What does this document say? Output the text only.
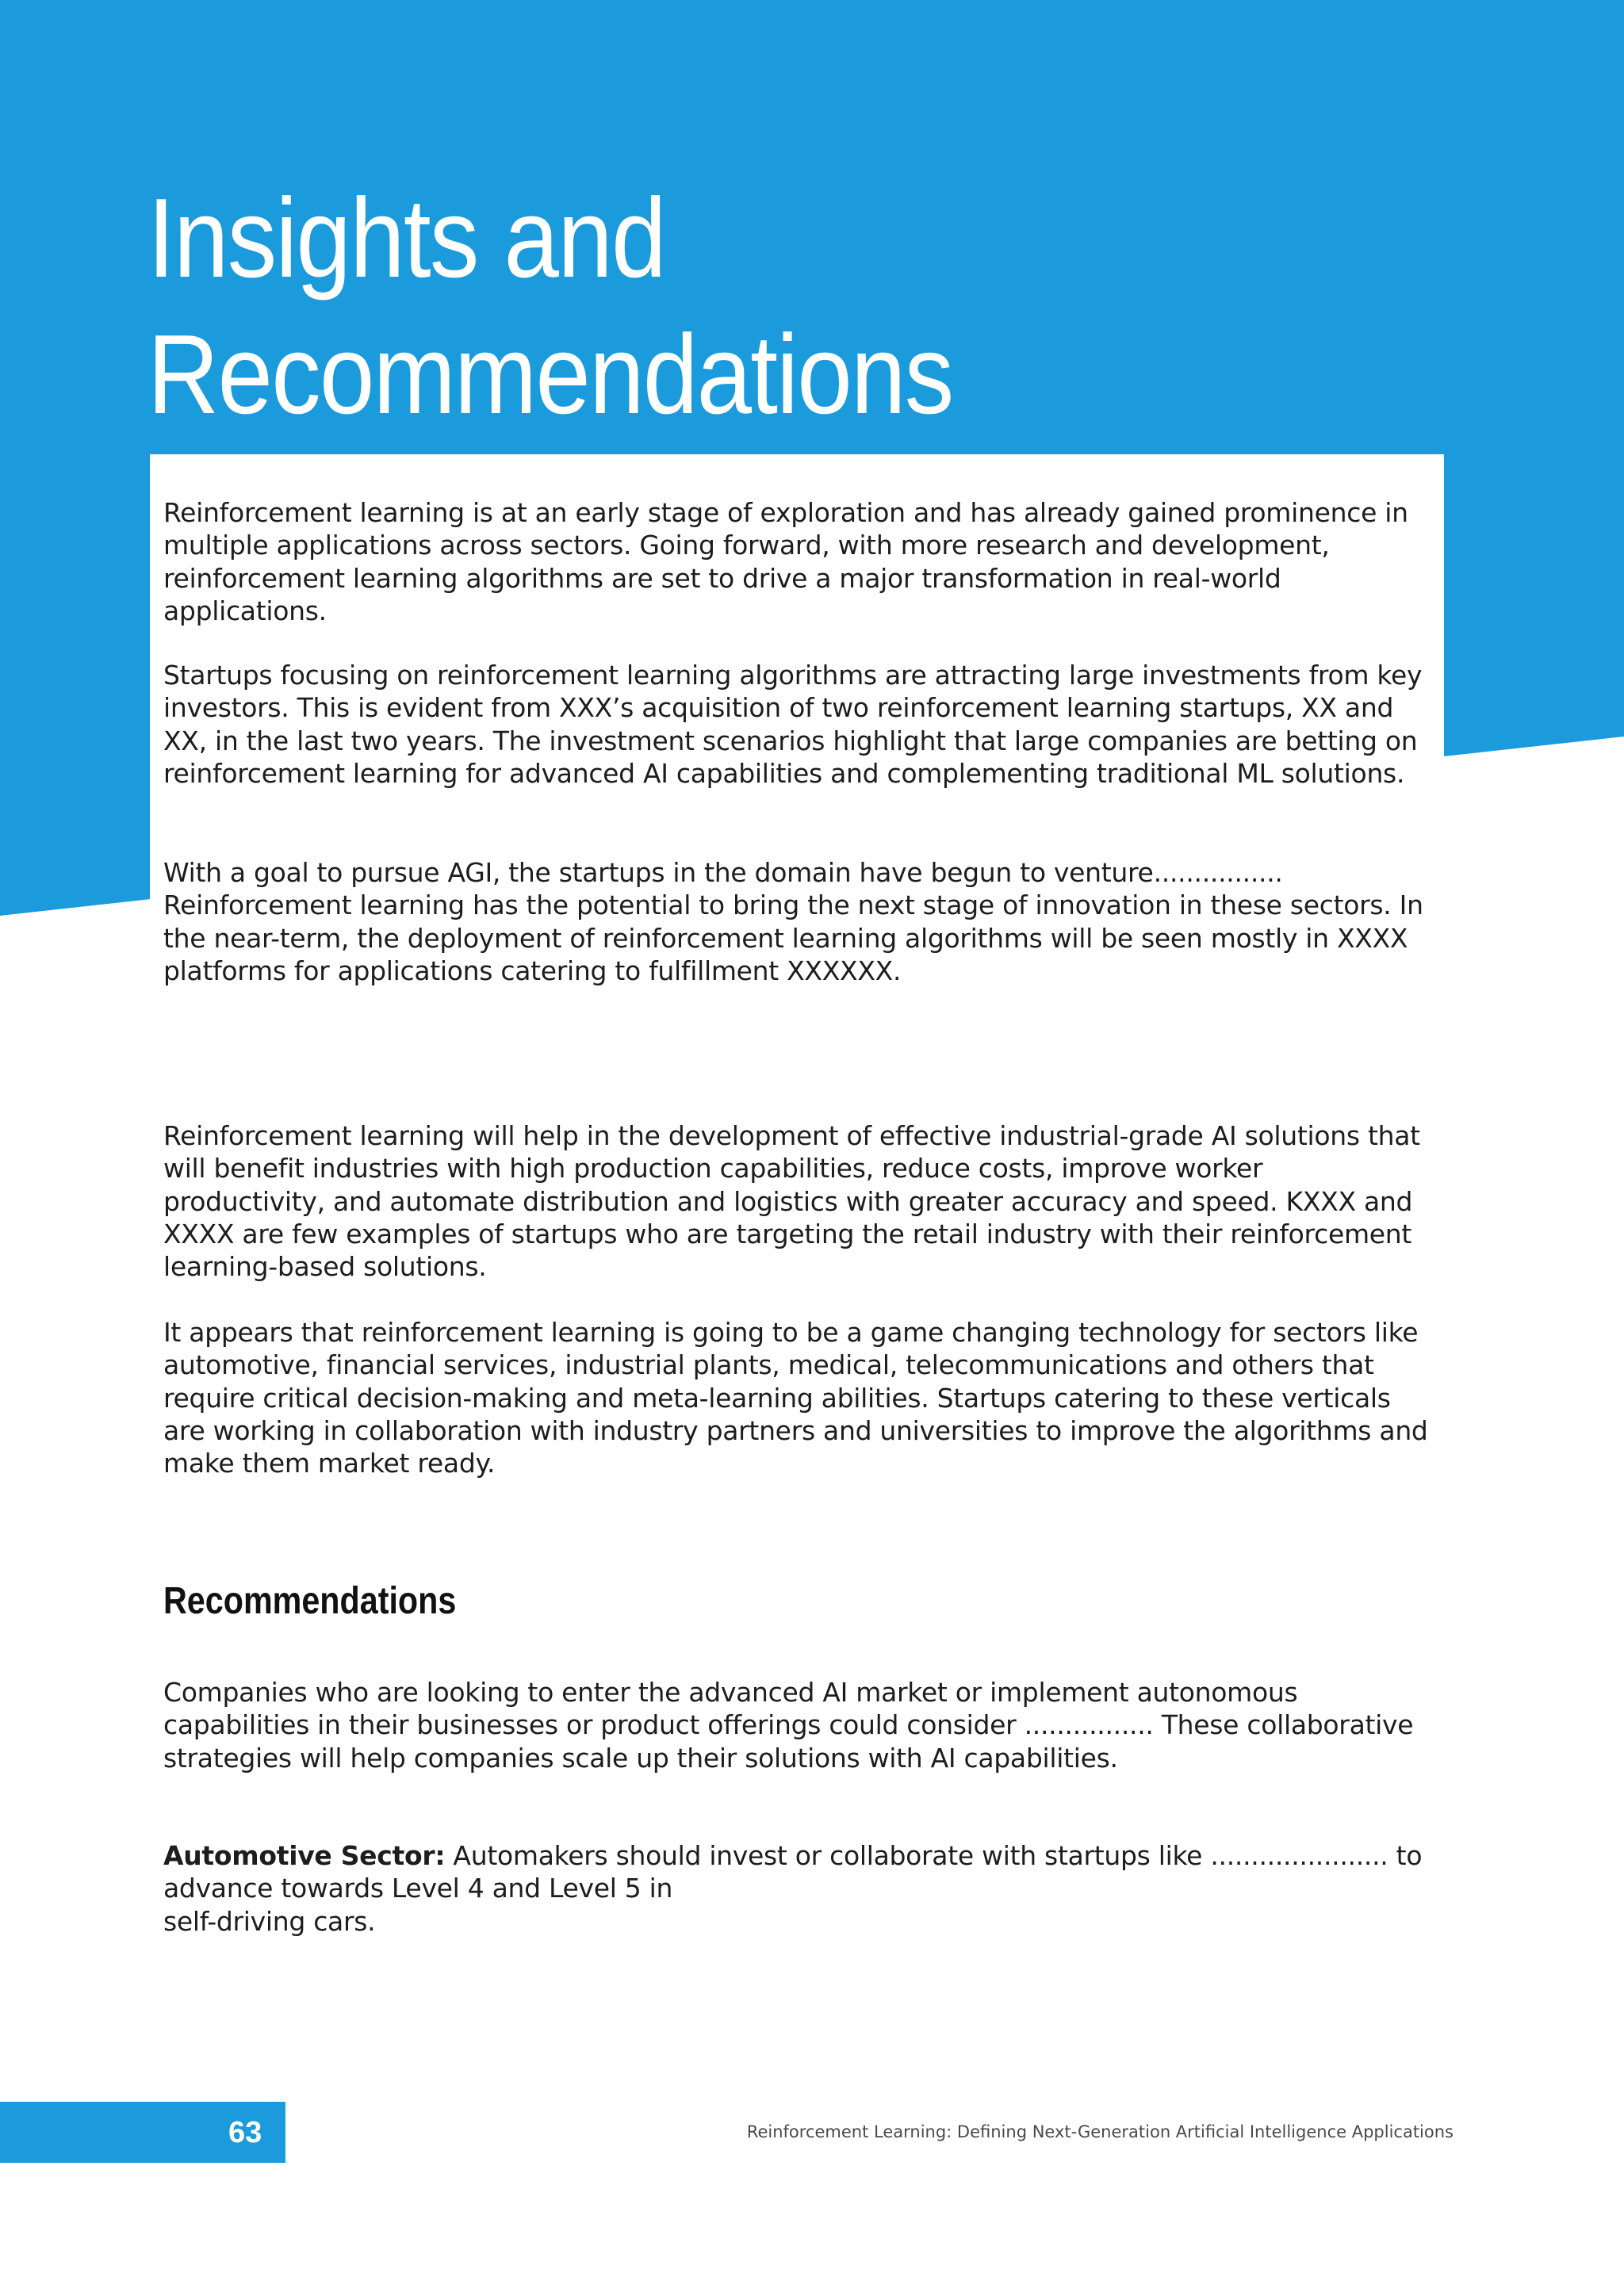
Insights and
Recommendations

Reinforcement learning is at an early stage of exploration and has already gained prominence in multiple applications across sectors. Going forward, with more research and development, reinforcement learning algorithms are set to drive a major transformation in real-world applications.

Startups focusing on reinforcement learning algorithms are attracting large investments from key investors. This is evident from XXX’s acquisition of two reinforcement learning startups, XX and XX, in the last two years. The investment scenarios highlight that large companies are betting on reinforcement learning for advanced AI capabilities and complementing traditional ML solutions.

With a goal to pursue AGI, the startups in the domain have begun to venture................ Reinforcement learning has the potential to bring the next stage of innovation in these sectors. In the near-term, the deployment of reinforcement learning algorithms will be seen mostly in XXXX platforms for applications catering to fulfillment XXXXXX.

Reinforcement learning will help in the development of effective industrial-grade AI solutions that will benefit industries with high production capabilities, reduce costs, improve worker productivity, and automate distribution and logistics with greater accuracy and speed. KXXX and XXXX are few examples of startups who are targeting the retail industry with their reinforcement learning-based solutions.

It appears that reinforcement learning is going to be a game changing technology for sectors like automotive, financial services, industrial plants, medical, telecommunications and others that require critical decision-making and meta-learning abilities. Startups catering to these verticals are working in collaboration with industry partners and universities to improve the algorithms and make them market ready.

Recommendations

Companies who are looking to enter the advanced AI market or implement autonomous capabilities in their businesses or product offerings could consider ................ These collaborative strategies will help companies scale up their solutions with AI capabilities.

Automotive Sector: Automakers should invest or collaborate with startups like ...................... to advance towards Level 4 and Level 5 in
self-driving cars.

63	Reinforcement Learning: Defining Next-Generation Artificial Intelligence Applications
